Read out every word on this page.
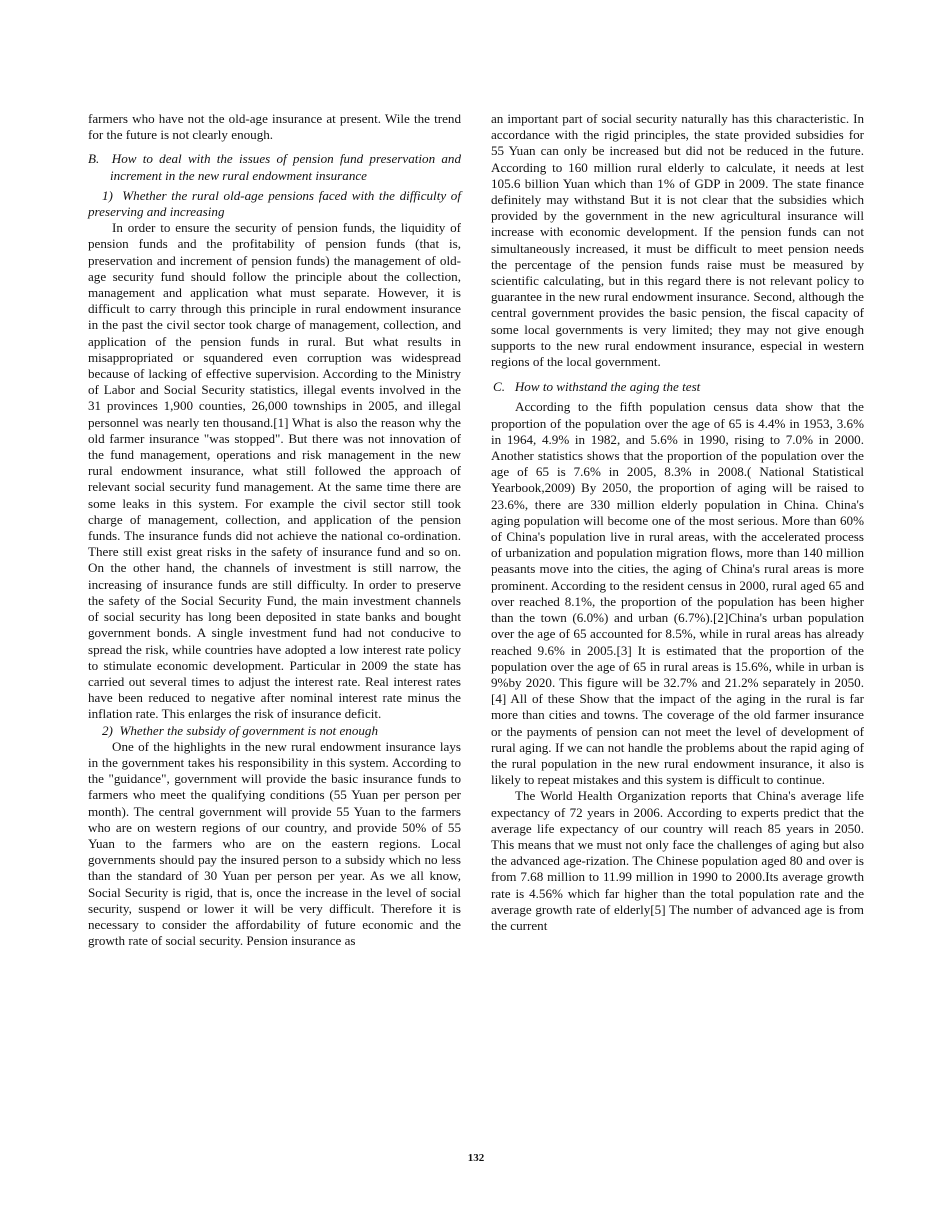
farmers who have not the old-age insurance at present. Wile the trend for the future is not clearly enough.

B.  How to deal with the issues of pension fund preservation and increment in the new rural endowment insurance

1)  Whether the rural old-age pensions faced with the difficulty of preserving and increasing

In order to ensure the security of pension funds, the liquidity of pension funds and the profitability of pension funds (that is, preservation and increment of pension funds) the management of old-age security fund should follow the principle about the collection, management and application what must separate. However, it is difficult to carry through this principle in rural endowment insurance in the past the civil sector took charge of management, collection, and application of the pension funds in rural. But what results in misappropriated or squandered even corruption was widespread because of lacking of effective supervision. According to the Ministry of Labor and Social Security statistics, illegal events involved in the 31 provinces 1,900 counties, 26,000 townships in 2005, and illegal personnel was nearly ten thousand.[1] What is also the reason why the old farmer insurance "was stopped". But there was not innovation of the fund management, operations and risk management in the new rural endowment insurance, what still followed the approach of relevant social security fund management. At the same time there are some leaks in this system. For example the civil sector still took charge of management, collection, and application of the pension funds. The insurance funds did not achieve the national co-ordination. There still exist great risks in the safety of insurance fund and so on. On the other hand, the channels of investment is still narrow, the increasing of insurance funds are still difficulty. In order to preserve the safety of the Social Security Fund, the main investment channels of social security has long been deposited in state banks and bought government bonds. A single investment fund had not conducive to spread the risk, while countries have adopted a low interest rate policy to stimulate economic development. Particular in 2009 the state has carried out several times to adjust the interest rate. Real interest rates have been reduced to negative after nominal interest rate minus the inflation rate. This enlarges the risk of insurance deficit.

2)  Whether the subsidy of government is not enough

One of the highlights in the new rural endowment insurance lays in the government takes his responsibility in this system. According to the "guidance", government will provide the basic insurance funds to farmers who meet the qualifying conditions (55 Yuan per person per month). The central government will provide 55 Yuan to the farmers who are on western regions of our country, and provide 50% of 55 Yuan to the farmers who are on the eastern regions. Local governments should pay the insured person to a subsidy which no less than the standard of 30 Yuan per person per year. As we all know, Social Security is rigid, that is, once the increase in the level of social security, suspend or lower it will be very difficult. Therefore it is necessary to consider the affordability of future economic and the growth rate of social security. Pension insurance as

an important part of social security naturally has this characteristic. In accordance with the rigid principles, the state provided subsidies for 55 Yuan can only be increased but did not be reduced in the future. According to 160 million rural elderly to calculate, it needs at lest 105.6 billion Yuan which than 1% of GDP in 2009. The state finance definitely may withstand But it is not clear that the subsidies which provided by the government in the new agricultural insurance will increase with economic development. If the pension funds can not simultaneously increased, it must be difficult to meet pension needs the percentage of the pension funds raise must be measured by scientific calculating, but in this regard there is not relevant policy to guarantee in the new rural endowment insurance. Second, although the central government provides the basic pension, the fiscal capacity of some local governments is very limited; they may not give enough supports to the new rural endowment insurance, especial in western regions of the local government.

C.   How to withstand the aging the test

According to the fifth population census data show that the proportion of the population over the age of 65 is 4.4% in 1953, 3.6% in 1964, 4.9% in 1982, and 5.6% in 1990, rising to 7.0% in 2000. Another statistics shows that the proportion of the population over the age of 65 is 7.6% in 2005, 8.3% in 2008.( National Statistical Yearbook,2009) By 2050, the proportion of aging will be raised to 23.6%, there are 330 million elderly population in China. China's aging population will become one of the most serious. More than 60% of China's population live in rural areas, with the accelerated process of urbanization and population migration flows, more than 140 million peasants move into the cities, the aging of China's rural areas is more prominent. According to the resident census in 2000, rural aged 65 and over reached 8.1%, the proportion of the population has been higher than the town (6.0%) and urban (6.7%).[2]China's urban population over the age of 65 accounted for 8.5%, while in rural areas has already reached 9.6% in 2005.[3] It is estimated that the proportion of the population over the age of 65 in rural areas is 15.6%, while in urban is 9%by 2020. This figure will be 32.7% and 21.2% separately in 2050.[4] All of these Show that the impact of the aging in the rural is far more than cities and towns. The coverage of the old farmer insurance or the payments of pension can not meet the level of development of rural aging. If we can not handle the problems about the rapid aging of the rural population in the new rural endowment insurance, it also is likely to repeat mistakes and this system is difficult to continue.

The World Health Organization reports that China's average life expectancy of 72 years in 2006. According to experts predict that the average life expectancy of our country will reach 85 years in 2050. This means that we must not only face the challenges of aging but also the advanced age-rization. The Chinese population aged 80 and over is from 7.68 million to 11.99 million in 1990 to 2000.Its average growth rate is 4.56% which far higher than the total population rate and the average growth rate of elderly[5] The number of advanced age is from the current

132
